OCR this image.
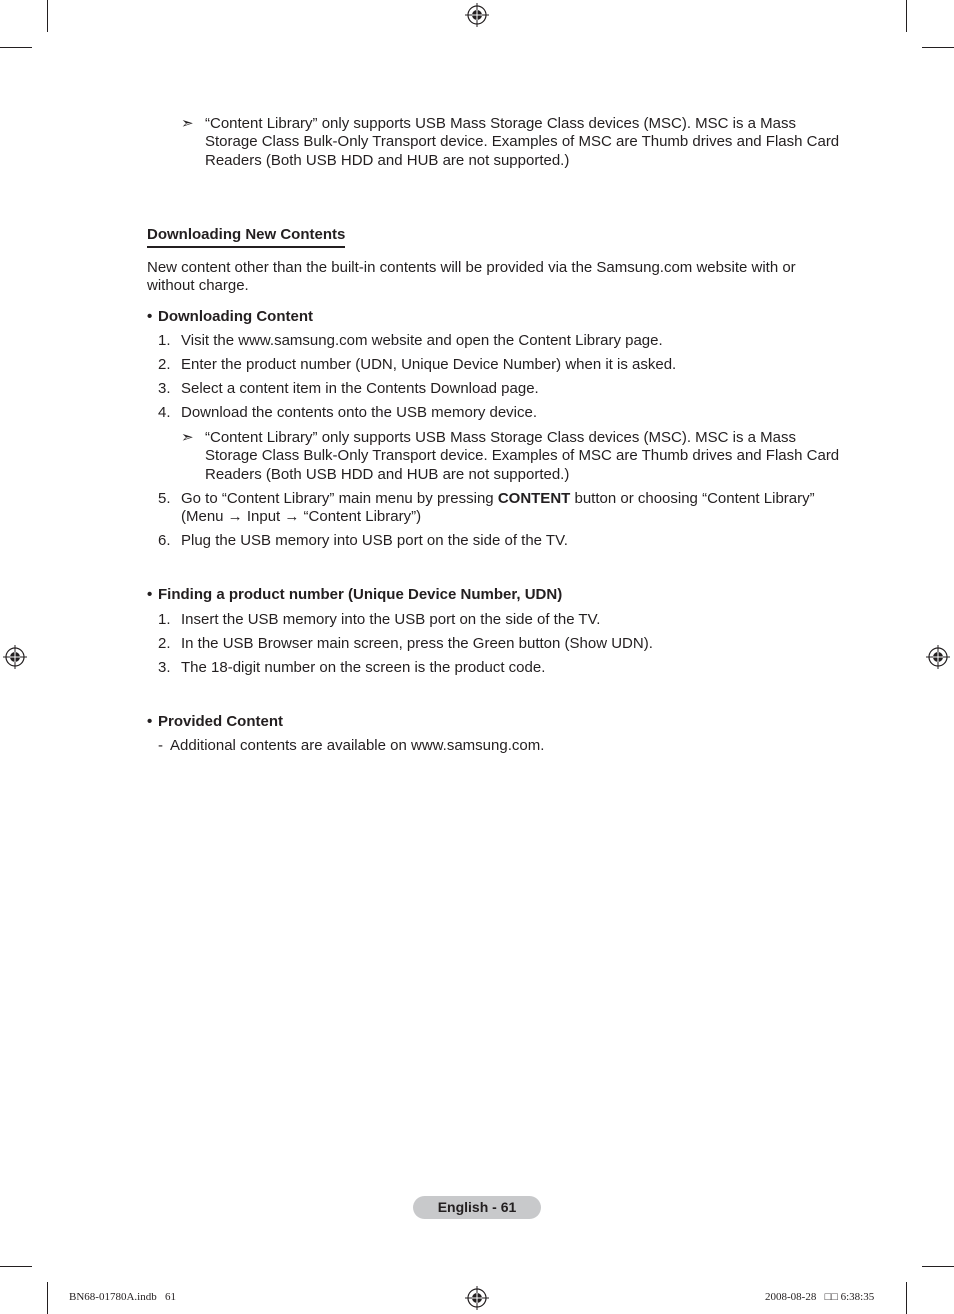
➣ “Content Library” only supports USB Mass Storage Class devices (MSC). MSC is a Mass Storage Class Bulk-Only Transport device. Examples of MSC are Thumb drives and Flash Card Readers (Both USB HDD and HUB are not supported.)
Downloading New Contents
New content other than the built-in contents will be provided via the Samsung.com website with or without charge.
• Downloading Content
1. Visit the www.samsung.com website and open the Content Library page.
2. Enter the product number (UDN, Unique Device Number) when it is asked.
3. Select a content item in the Contents Download page.
4. Download the contents onto the USB memory device.
➣ “Content Library” only supports USB Mass Storage Class devices (MSC). MSC is a Mass Storage Class Bulk-Only Transport device. Examples of MSC are Thumb drives and Flash Card Readers (Both USB HDD and HUB are not supported.)
5. Go to “Content Library” main menu by pressing CONTENT button or choosing “Content Library” (Menu → Input → “Content Library”)
6. Plug the USB memory into USB port on the side of the TV.
• Finding a product number (Unique Device Number, UDN)
1. Insert the USB memory into the USB port on the side of the TV.
2. In the USB Browser main screen, press the Green button (Show UDN).
3. The 18-digit number on the screen is the product code.
• Provided Content
- Additional contents are available on www.samsung.com.
English - 61
BN68-01780A.indb   61	2008-08-28   □□ 6:38:35
